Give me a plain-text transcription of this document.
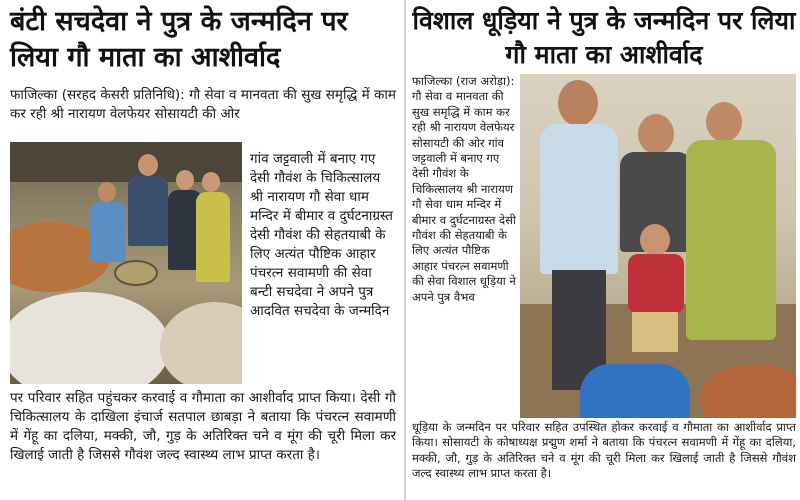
बंटी सचदेवा ने पुत्र के जन्मदिन पर लिया गौ माता का आशीर्वाद
फाजिल्का (सरहद केसरी प्रतिनिधि): गौ सेवा व मानवता की सुख समृद्धि में काम कर रही श्री नारायण वेलफेयर सोसायटी की ओर
गांव जट्टवाली में बनाए गए देसी गौवंश के चिकित्सालय श्री नारायण गौ सेवा धाम मन्दिर में बीमार व दुर्घटनाग्रस्त देसी गौवंश की सेहतयाबी के लिए अत्यंत पौष्टिक आहार पंचरत्न सवामणी की सेवा बन्टी सचदेवा ने अपने पुत्र आदवित सचदेवा के जन्मदिन
पर परिवार सहित पहुंचकर करवाई व गौमाता का आशीर्वाद प्राप्त किया। देसी गौ चिकित्सालय के दाखिला इंचार्ज सतपाल छाबड़ा ने बताया कि पंचरत्न सवामणी में गेंहू का दलिया, मक्की, जौ, गुड़ के अतिरिक्त चने व मूंग की चूरी मिला कर खिलाई जाती है जिससे गौवंश जल्द स्वास्थ्य लाभ प्राप्त करता है।
विशाल धूड़िया ने पुत्र के जन्मदिन पर लिया गौ माता का आशीर्वाद
फाजिल्का (राज अरोड़ा): गौ सेवा व मानवता की सुख समृद्धि में काम कर रही श्री नारायण वेलफेयर सोसायटी की ओर गांव जट्टवाली में बनाए गए देसी गौवंश के चिकित्सालय श्री नारायण गौ सेवा धाम मन्दिर में बीमार व दुर्घटनाग्रस्त देसी गौवंश की सेहतयाबी के लिए अत्यंत पौष्टिक आहार पंचरत्न सवामणी की सेवा विशाल धूड़िया ने अपने पुत्र वैभव
धूड़िया के जन्मदिन पर परिवार सहित उपस्थित होकर करवाई व गौमाता का आशीर्वाद प्राप्त किया। सोसायटी के कोषाध्यक्ष प्रद्मुण शर्मा ने बताया कि पंचरत्न सवामणी में गेंहू का दलिया, मक्की, जौ, गुड़ के अतिरिक्त चने व मूंग की चूरी मिला कर खिलाई जाती है जिससे गौवंश जल्द स्वास्थ्य लाभ प्राप्त करता है।
